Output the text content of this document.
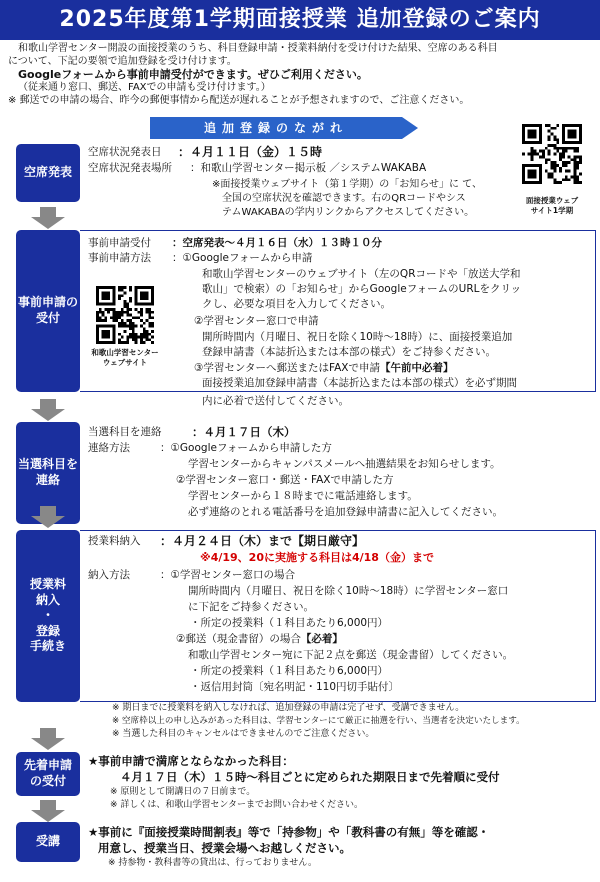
2025年度第1学期面接授業 追加登録のご案内
和歌山学習センター開設の面接授業のうち、科目登録申請・授業料納付を受け付けた結果、空席のある科目
について、下記の要領で追加登録を受け付けます。
Googleフォームから事前申請受付ができます。ぜひご利用ください。
（従来通り窓口、郵送、FAXでの申請も受け付けます。）
※ 郵送での申請の場合、昨今の郵便事情から配送が遅れることが予想されますので、ご注意ください。
追加登録のながれ
面接授業ウェブ
サイト1学期
空席発表
空席状況発表日 ：４月１１日（金）１５時
空席状況発表場所 ：和歌山学習センター掲示板 ／システムWAKABA
※面接授業ウェブサイト（第１学期）の「お知らせ」に て、
全国の空席状況を確認できます。右のQRコードやシス
テムWAKABAの学内リンクからアクセスしてください。
事前申請の受付
事前申請受付 ：空席発表～４月１６日（水）１３時１０分
事前申請方法 ：①Googleフォームから申請
和歌山学習センターのウェブサイト（左のQRコードや「放送大学和
歌山」で検索）の「お知らせ」からGoogleフォームのURLをクリッ
クし、必要な項目を入力してください。
②学習センター窓口で申請
開所時間内（月曜日、祝日を除く10時～18時）に、面接授業追加
登録申請書（本誌折込または本部の様式）をご持参ください。
③学習センターへ郵送またはFAXで申請【午前中必着】
面接授業追加登録申請書（本誌折込または本部の様式）を必ず期間
内に必着で送付してください。
和歌山学習センター
ウェブサイト
当選科目を連絡
当選科目を連絡	：４月１７日（木）
連絡方法	：①Googleフォームから申請した方
学習センターからキャンパスメールへ抽選結果をお知らせします。
②学習センター窓口・郵送・FAXで申請した方
学習センターから１８時までに電話連絡します。
必ず連絡のとれる電話番号を追加登録申請書に記入してください。
授業料
納入
・
登録
手続き
授業料納入 ：４月２４日（木）まで【期日厳守】
※4/19、20に実施する科目は4/18（金）まで
納入方法	：①学習センター窓口の場合
開所時間内（月曜日、祝日を除く10時～18時）に学習センター窓口
に下記をご持参ください。
・所定の授業料（１科目あたり6,000円）
②郵送（現金書留）の場合【必着】
和歌山学習センター宛に下記２点を郵送（現金書留）してください。
・所定の授業料（１科目あたり6,000円）
・返信用封筒〔宛名明記・110円切手貼付〕
※ 期日までに授業料を納入しなければ、追加登録の申請は完了せず、受講できません。
※ 空席枠以上の申し込みがあった科目は、学習センターにて厳正に抽選を行い、当選者を決定いたします。
※ 当選した科目のキャンセルはできませんのでご注意ください。
先着申請
の受付
★事前申請で満席とならなかった科目：
４月１７日（木）１５時～科目ごとに定められた期限日まで先着順に受付
※ 原則として開講日の７日前まで。
※ 詳しくは、和歌山学習センターまでお問い合わせください。
受講
★事前に『面接授業時間割表』等で「持参物」や「教科書の有無」等を確認・
用意し、授業当日、授業会場へお越しください。
※ 持参物・教科書等の貸出は、行っておりません。
